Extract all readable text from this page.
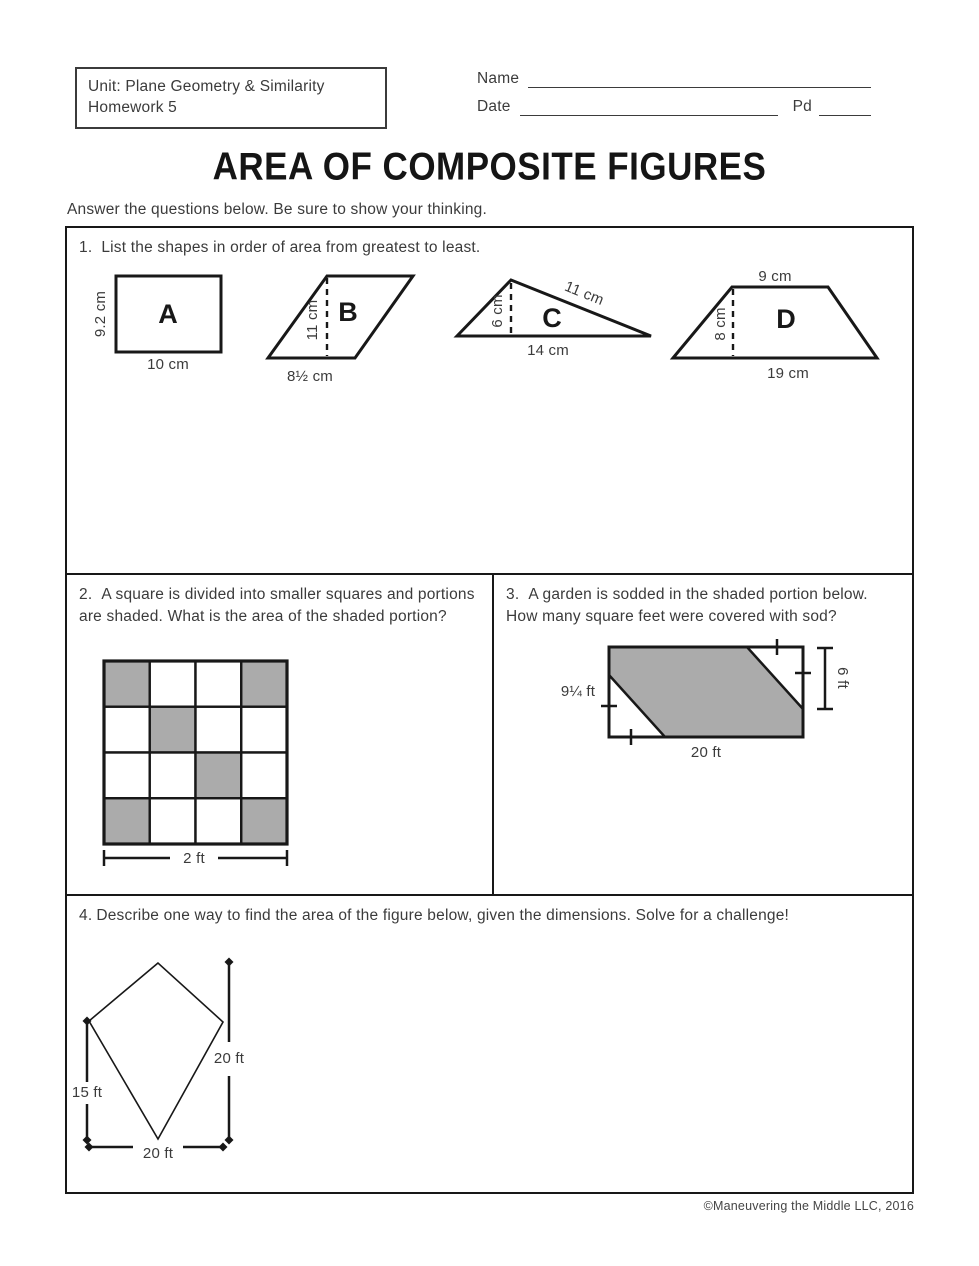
Unit: Plane Geometry & Similarity
Homework 5
Name
Date	Pd
AREA OF COMPOSITE FIGURES
Answer the questions below. Be sure to show your thinking.
1. List the shapes in order of area from greatest to least.
A
10 cm
9.2 cm	B
11 cm
8½ cm
C
6 cm
11 cm
14 cm
D
9 cm
8 cm
19 cm
2. A square is divided into smaller squares and portions are shaded. What is the area of the shaded portion?
2 ft
3. A garden is sodded in the shaded portion below. How many square feet were covered with sod?
6 ft
9¼ ft
20 ft
4. Describe one way to find the area of the figure below, given the dimensions. Solve for a challenge!
20 ft
15 ft
20 ft
©Maneuvering the Middle LLC, 2016
